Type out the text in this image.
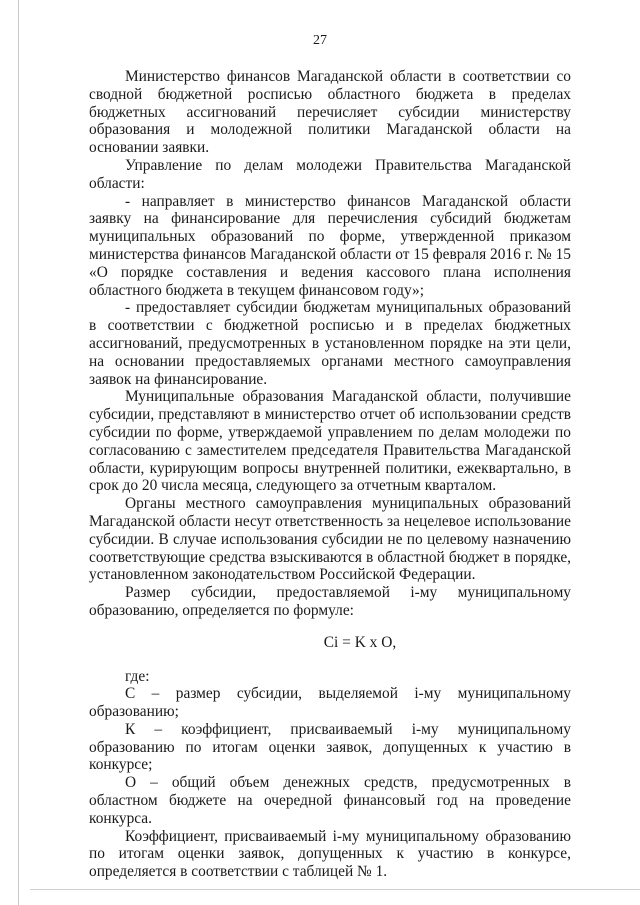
27

Министерство финансов Магаданской области в соответствии со сводной бюджетной росписью областного бюджета в пределах бюджетных ассигнований перечисляет субсидии министерству образования и молодежной политики Магаданской области на основании заявки.

Управление по делам молодежи Правительства Магаданской области:

- направляет в министерство финансов Магаданской области заявку на финансирование для перечисления субсидий бюджетам муниципальных образований по форме, утвержденной приказом министерства финансов Магаданской области от 15 февраля 2016 г. № 15 «О порядке составления и ведения кассового плана исполнения областного бюджета в текущем финансовом году»;

- предоставляет субсидии бюджетам муниципальных образований в соответствии с бюджетной росписью и в пределах бюджетных ассигнований, предусмотренных в установленном порядке на эти цели, на основании предоставляемых органами местного самоуправления заявок на финансирование.

Муниципальные образования Магаданской области, получившие субсидии, представляют в министерство отчет об использовании средств субсидии по форме, утверждаемой управлением по делам молодежи по согласованию с заместителем председателя Правительства Магаданской области, курирующим вопросы внутренней политики, ежеквартально, в срок до 20 числа месяца, следующего за отчетным кварталом.

Органы местного самоуправления муниципальных образований Магаданской области несут ответственность за нецелевое использование субсидии. В случае использования субсидии не по целевому назначению соответствующие средства взыскиваются в областной бюджет в порядке, установленном законодательством Российской Федерации.

Размер субсидии, предоставляемой i-му муниципальному образованию, определяется по формуле:

Ci = K x O,

где:

С – размер субсидии, выделяемой i-му муниципальному образованию;

К – коэффициент, присваиваемый i-му муниципальному образованию по итогам оценки заявок, допущенных к участию в конкурсе;

О – общий объем денежных средств, предусмотренных в областном бюджете на очередной финансовый год на проведение конкурса.

Коэффициент, присваиваемый i-му муниципальному образованию по итогам оценки заявок, допущенных к участию в конкурсе, определяется в соответствии с таблицей № 1.
